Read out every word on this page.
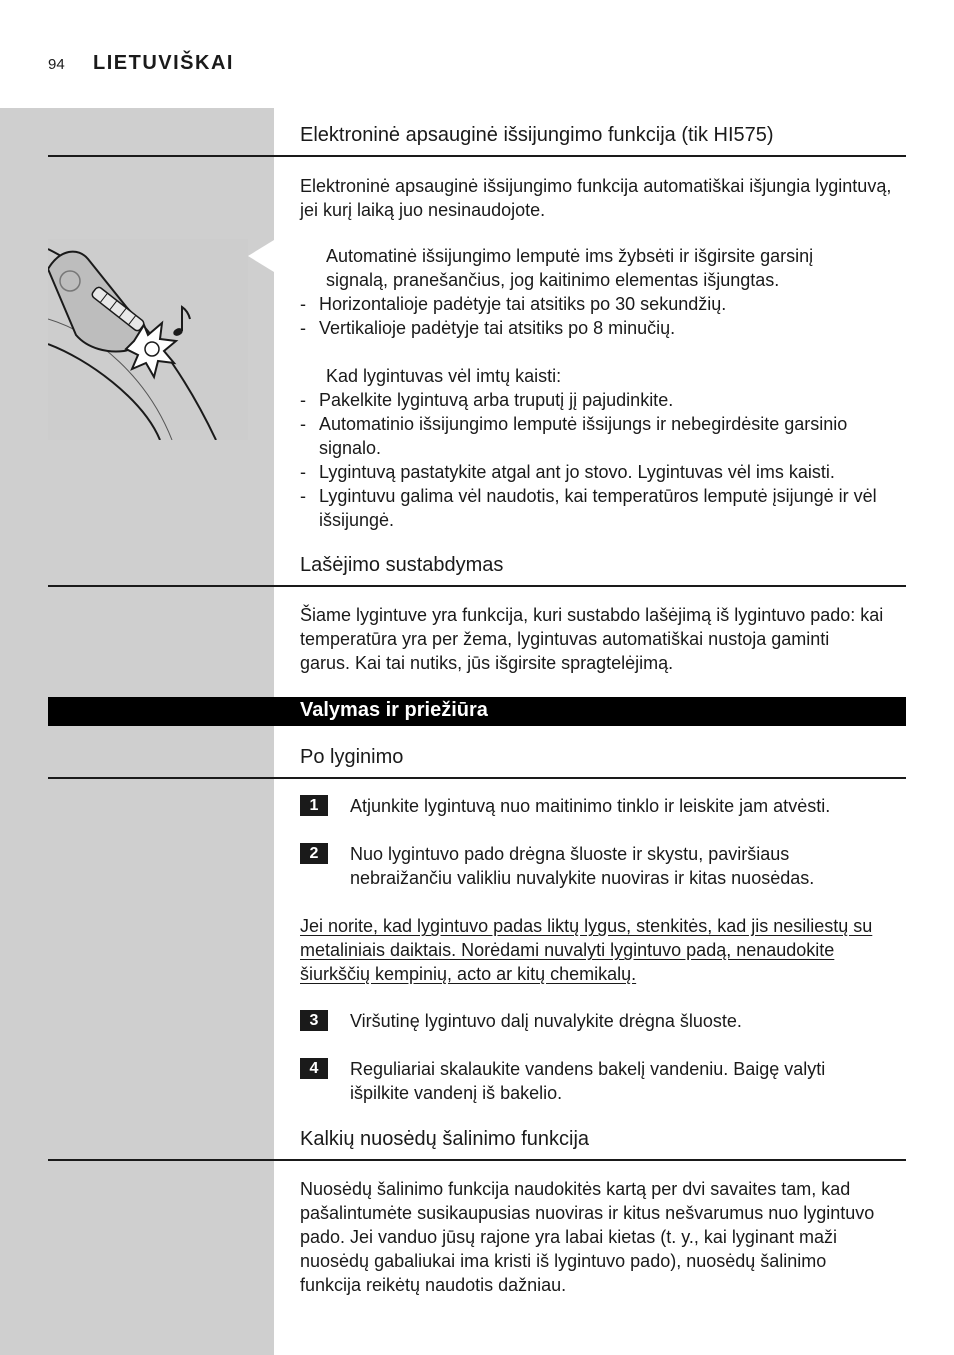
94 LIETUVIŠKAI
Elektroninė apsauginė išsijungimo funkcija (tik HI575)
Elektroninė apsauginė išsijungimo funkcija automatiškai išjungia lygintuvą,
jei kurį laiką juo nesinaudojote.
Automatinė išsijungimo lemputė ims žybsėti ir išgirsite garsinį
signalą, pranešančius, jog kaitinimo elementas išjungtas.
- Horizontalioje padėtyje tai atsitiks po 30 sekundžių.
- Vertikalioje padėtyje tai atsitiks po 8 minučių.
Kad lygintuvas vėl imtų kaisti:
- Pakelkite lygintuvą arba truputį jį pajudinkite.
- Automatinio išsijungimo lemputė išsijungs ir nebegirdėsite garsinio
signalo.
- Lygintuvą pastatykite atgal ant jo stovo. Lygintuvas vėl ims kaisti.
- Lygintuvu galima vėl naudotis, kai temperatūros lemputė įsijungė ir vėl
išsijungė.
Lašėjimo sustabdymas
Šiame lygintuve yra funkcija, kuri sustabdo lašėjimą iš lygintuvo pado: kai
temperatūra yra per žema, lygintuvas automatiškai nustoja gaminti
garus. Kai tai nutiks, jūs išgirsite spragtelėjimą.
Valymas ir priežiūra
Po lyginimo
1	Atjunkite lygintuvą nuo maitinimo tinklo ir leiskite jam atvėsti.
2	Nuo lygintuvo pado drėgna šluoste ir skystu, paviršiaus
nebraižančiu valikliu nuvalykite nuoviras ir kitas nuosėdas.
Jei norite, kad lygintuvo padas liktų lygus, stenkitės, kad jis nesiliestų su
metaliniais daiktais. Norėdami nuvalyti lygintuvo padą, nenaudokite
šiurkščių kempinių, acto ar kitų chemikalų.
3	Viršutinę lygintuvo dalį nuvalykite drėgna šluoste.
4	Reguliariai skalaukite vandens bakelį vandeniu. Baigę valyti
išpilkite vandenį iš bakelio.
Kalkių nuosėdų šalinimo funkcija
Nuosėdų šalinimo funkcija naudokitės kartą per dvi savaites tam, kad
pašalintumėte susikaupusias nuoviras ir kitus nešvarumus nuo lygintuvo
pado. Jei vanduo jūsų rajone yra labai kietas (t. y., kai lyginant maži
nuosėdų gabaliukai ima kristi iš lygintuvo pado), nuosėdų šalinimo
funkcija reikėtų naudotis dažniau.
